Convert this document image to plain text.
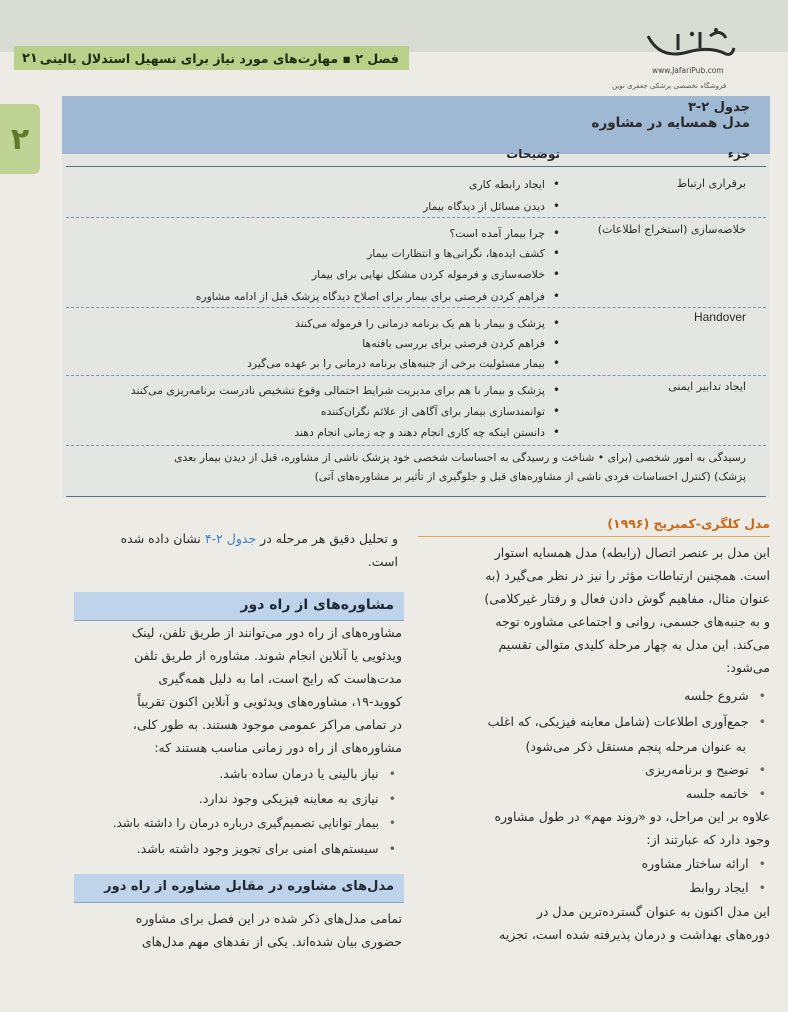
فصل ۲ ▪ مهارت‌های مورد نیاز برای تسهیل استدلال بالینی
۲۱
www.JafariPub.com
فروشگاه تخصصی پزشکی جعفری نوین
۲
جدول ۲-۳
مدل همسایه در مشاوره
جزء
توضیحات
برقراری ارتباط
• ایجاد رابطه کاری
• دیدن مسائل از دیدگاه بیمار
خلاصه‌سازی (استخراج اطلاعات)
• چرا بیمار آمده است؟
• کشف ایده‌ها، نگرانی‌ها و انتظارات بیمار
• خلاصه‌سازی و فرموله کردن مشکل نهایی برای بیمار
• فراهم کردن فرصتی برای بیمار برای اصلاح دیدگاه پزشک قبل از ادامه مشاوره
Handover
• پزشک و بیمار با هم یک برنامه درمانی را فرموله می‌کنند
• فراهم کردن فرصتی برای بررسی یافته‌ها
• بیمار مسئولیت برخی از جنبه‌های برنامه درمانی را بر عهده می‌گیرد
ایجاد تدابیر ایمنی
• پزشک و بیمار با هم برای مدیریت شرایط احتمالی وقوع تشخیص نادرست برنامه‌ریزی می‌کنند
• توانمندسازی بیمار برای آگاهی از علائم نگران‌کننده
• دانستن اینکه چه کاری انجام دهند و چه زمانی انجام دهند
رسیدگی به امور شخصی (برای • شناخت و رسیدگی به احساسات شخصی خود پزشک ناشی از مشاوره، قبل از دیدن بیمار بعدی
پزشک) (کنترل احساسات فردی ناشی از مشاوره‌های قبل و جلوگیری از تأثیر بر مشاوره‌های آتی)
مدل کلگری-کمبریج (۱۹۹۶)
این مدل بر عنصر اتصال (رابطه) مدل همسایه استوار
است. همچنین ارتباطات مؤثر را نیز در نظر می‌گیرد (به
عنوان مثال، مفاهیم گوش دادن فعال و رفتار غیرکلامی)
و به جنبه‌های جسمی، روانی و اجتماعی مشاوره توجه
می‌کند. این مدل به چهار مرحله کلیدی متوالی تقسیم
می‌شود:
• شروع جلسه
• جمع‌آوری اطلاعات (شامل معاینه فیزیکی، که اغلب
به عنوان مرحله پنجم مستقل ذکر می‌شود)
• توضیح و برنامه‌ریزی
• خاتمه جلسه
علاوه بر این مراحل، دو «روند مهم» در طول مشاوره
وجود دارد که عبارتند از:
• ارائه ساختار مشاوره
• ایجاد روابط
این مدل اکنون به عنوان گسترده‌ترین مدل در
دوره‌های بهداشت و درمان پذیرفته شده است، تجزیه
و تحلیل دقیق هر مرحله در جدول ۲-۴ نشان داده شده
است.
مشاوره‌های از راه دور
مشاوره‌های از راه دور می‌توانند از طریق تلفن، لینک
ویدئویی یا آنلاین انجام شوند. مشاوره از طریق تلفن
مدت‌هاست که رایج است، اما به دلیل همه‌گیری
کووید-۱۹، مشاوره‌های ویدئویی و آنلاین اکنون تقریباً
در تمامی مراکز عمومی موجود هستند. به طور کلی،
مشاوره‌های از راه دور زمانی مناسب هستند که:
• نیاز بالینی یا درمان ساده باشد.
• نیازی به معاینه فیزیکی وجود ندارد.
• بیمار توانایی تصمیم‌گیری درباره درمان را داشته باشد.
• سیستم‌های امنی برای تجویز وجود داشته باشد.
مدل‌های مشاوره در مقابل مشاوره از راه دور
تمامی مدل‌های ذکر شده در این فصل برای مشاوره
حضوری بیان شده‌اند. یکی از نقدهای مهم مدل‌های
